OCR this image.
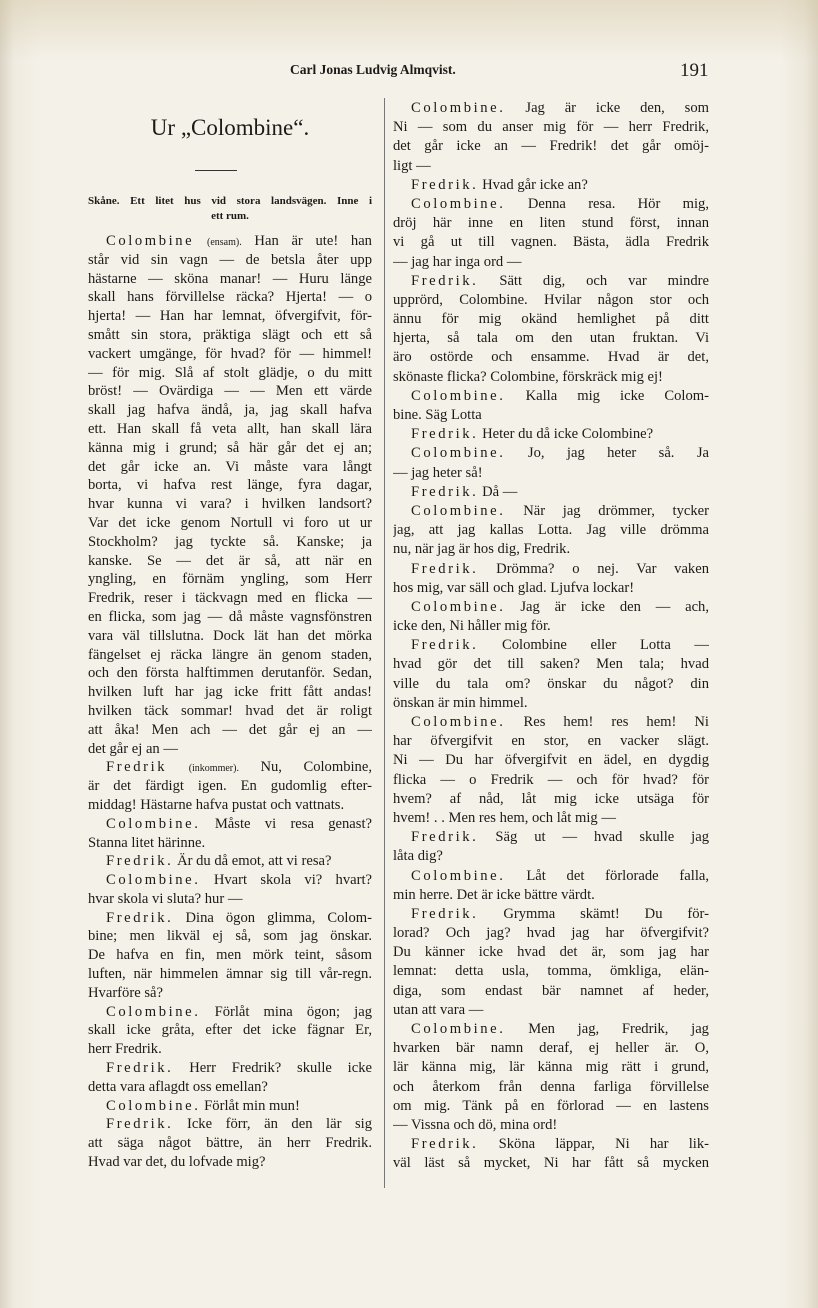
Carl Jonas Ludvig Almqvist.	191
Ur „Colombine“.
Skåne. Ett litet hus vid stora landsvägen. Inne i
ett rum.
Colombine (ensam). Han är ute! han
står vid sin vagn — de betsla åter upp
hästarne — sköna manar! — Huru länge
skall hans förvillelse räcka? Hjerta! — o
hjerta! — Han har lemnat, öfvergifvit, för-
smått sin stora, präktiga slägt och ett så
vackert umgänge, för hvad? för — himmel!
— för mig. Slå af stolt glädje, o du mitt
bröst! — Ovärdiga — — Men ett värde
skall jag hafva ändå, ja, jag skall hafva
ett. Han skall få veta allt, han skall lära
känna mig i grund; så här går det ej an;
det går icke an. Vi måste vara långt
borta, vi hafva rest länge, fyra dagar,
hvar kunna vi vara? i hvilken landsort?
Var det icke genom Nortull vi foro ut ur
Stockholm? jag tyckte så. Kanske; ja
kanske. Se — det är så, att när en
yngling, en förnäm yngling, som Herr
Fredrik, reser i täckvagn med en flicka —
en flicka, som jag — då måste vagnsfönstren
vara väl tillslutna. Dock lät han det mörka
fängelset ej räcka längre än genom staden,
och den första halftimmen derutanför. Sedan,
hvilken luft har jag icke fritt fått andas!
hvilken täck sommar! hvad det är roligt
att åka! Men ach — det går ej an —
det går ej an —
Fredrik (inkommer). Nu, Colombine,
är det färdigt igen. En gudomlig efter-
middag! Hästarne hafva pustat och vattnats.
Colombine. Måste vi resa genast?
Stanna litet härinne.
Fredrik. Är du då emot, att vi resa?
Colombine. Hvart skola vi? hvart?
hvar skola vi sluta? hur —
Fredrik. Dina ögon glimma, Colom-
bine; men likväl ej så, som jag önskar.
De hafva en fin, men mörk teint, såsom
luften, när himmelen ämnar sig till vår-regn.
Hvarföre så?
Colombine. Förlåt mina ögon; jag
skall icke gråta, efter det icke fägnar Er,
herr Fredrik.
Fredrik. Herr Fredrik? skulle icke
detta vara aflagdt oss emellan?
Colombine. Förlåt min mun!
Fredrik. Icke förr, än den lär sig
att säga något bättre, än herr Fredrik.
Hvad var det, du lofvade mig?
Colombine. Jag är icke den, som
Ni — som du anser mig för — herr Fredrik,
det går icke an — Fredrik! det går omöj-
ligt —
Fredrik. Hvad går icke an?
Colombine. Denna resa. Hör mig,
dröj här inne en liten stund först, innan
vi gå ut till vagnen. Bästa, ädla Fredrik
— jag har inga ord —
Fredrik. Sätt dig, och var mindre
upprörd, Colombine. Hvilar någon stor och
ännu för mig okänd hemlighet på ditt
hjerta, så tala om den utan fruktan. Vi
äro ostörde och ensamme. Hvad är det,
skönaste flicka? Colombine, förskräck mig ej!
Colombine. Kalla mig icke Colom-
bine. Säg Lotta
Fredrik. Heter du då icke Colombine?
Colombine. Jo, jag heter så. Ja
— jag heter så!
Fredrik. Då —
Colombine. När jag drömmer, tycker
jag, att jag kallas Lotta. Jag ville drömma
nu, när jag är hos dig, Fredrik.
Fredrik. Drömma? o nej. Var vaken
hos mig, var säll och glad. Ljufva lockar!
Colombine. Jag är icke den — ach,
icke den, Ni håller mig för.
Fredrik. Colombine eller Lotta —
hvad gör det till saken? Men tala; hvad
ville du tala om? önskar du något? din
önskan är min himmel.
Colombine. Res hem! res hem! Ni
har öfvergifvit en stor, en vacker slägt.
Ni — Du har öfvergifvit en ädel, en dygdig
flicka — o Fredrik — och för hvad? för
hvem? af nåd, låt mig icke utsäga för
hvem! . . Men res hem, och låt mig —
Fredrik. Säg ut — hvad skulle jag
låta dig?
Colombine. Låt det förlorade falla,
min herre. Det är icke bättre värdt.
Fredrik. Grymma skämt! Du för-
lorad? Och jag? hvad jag har öfvergifvit?
Du känner icke hvad det är, som jag har
lemnat: detta usla, tomma, ömkliga, elän-
diga, som endast bär namnet af heder,
utan att vara —
Colombine. Men jag, Fredrik, jag
hvarken bär namn deraf, ej heller är. O,
lär känna mig, lär känna mig rätt i grund,
och återkom från denna farliga förvillelse
om mig. Tänk på en förlorad — en lastens
— Vissna och dö, mina ord!
Fredrik. Sköna läppar, Ni har lik-
väl läst så mycket, Ni har fått så mycken
